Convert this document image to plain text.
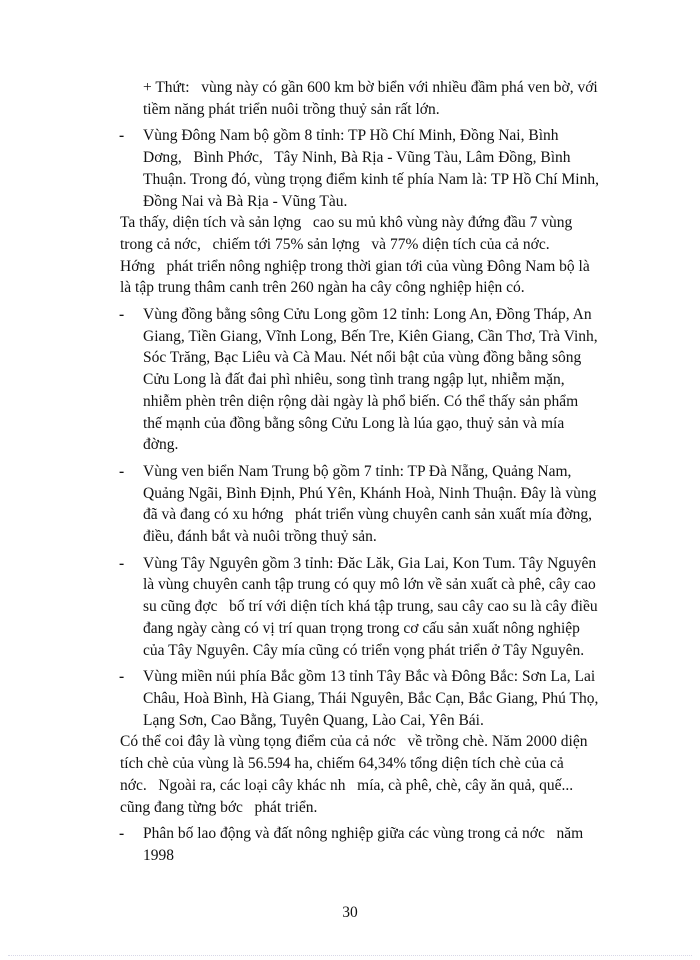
+ Thứt:   vùng này có gần 600 km bờ biển với nhiều đầm phá ven bờ, với
tiềm năng phát triển nuôi trồng thuỷ sản rất lớn.
- Vùng Đông Nam bộ gồm 8 tỉnh: TP Hồ Chí Minh, Đồng Nai, Bình
Dơng,   Bình Phớc,   Tây Ninh, Bà Rịa - Vũng Tàu, Lâm Đồng, Bình
Thuận. Trong đó, vùng trọng điểm kinh tế phía Nam là: TP Hồ Chí Minh,
Đồng Nai và Bà Rịa - Vũng Tàu.
Ta thấy, diện tích và sản lợng   cao su mủ khô vùng này đứng đầu 7 vùng
trong cả nớc,   chiếm tới 75% sản lợng   và 77% diện tích của cả nớc.
Hớng   phát triển nông nghiệp trong thời gian tới của vùng Đông Nam bộ là
là tập trung thâm canh trên 260 ngàn ha cây công nghiệp hiện có.
- Vùng đồng bằng sông Cửu Long gồm 12 tỉnh: Long An, Đồng Tháp, An
Giang, Tiền Giang, Vĩnh Long, Bến Tre, Kiên Giang, Cần Thơ, Trà Vinh,
Sóc Trăng, Bạc Liêu và Cà Mau. Nét nổi bật của vùng đồng bằng sông
Cửu Long là đất đai phì nhiêu, song tình trang ngập lụt, nhiễm mặn,
nhiễm phèn trên diện rộng dài ngày là phổ biến. Có thể thấy sản phẩm
thế mạnh của đồng bằng sông Cửu Long là lúa gạo, thuỷ sản và mía
đờng.
- Vùng ven biển Nam Trung bộ gồm 7 tỉnh: TP Đà Nẵng, Quảng Nam,
Quảng Ngãi, Bình Định, Phú Yên, Khánh Hoà, Ninh Thuận. Đây là vùng
đã và đang có xu hớng   phát triển vùng chuyên canh sản xuất mía đờng,
điều, đánh bắt và nuôi trồng thuỷ sản.
- Vùng Tây Nguyên gồm 3 tỉnh: Đăc Lăk, Gia Lai, Kon Tum. Tây Nguyên
là vùng chuyên canh tập trung có quy mô lớn về sản xuất cà phê, cây cao
su cũng đợc   bố trí với diện tích khá tập trung, sau cây cao su là cây điều
đang ngày càng có vị trí quan trọng trong cơ cấu sản xuất nông nghiệp
của Tây Nguyên. Cây mía cũng có triển vọng phát triển ở Tây Nguyên.
- Vùng miền núi phía Bắc gồm 13 tỉnh Tây Bắc và Đông Bắc: Sơn La, Lai
Châu, Hoà Bình, Hà Giang, Thái Nguyên, Bắc Cạn, Bắc Giang, Phú Thọ,
Lạng Sơn, Cao Bằng, Tuyên Quang, Lào Cai, Yên Bái.
Có thể coi đây là vùng tọng điểm của cả nớc   về trồng chè. Năm 2000 diện
tích chè của vùng là 56.594 ha, chiếm 64,34% tổng diện tích chè của cả
nớc.   Ngoài ra, các loại cây khác nh   mía, cà phê, chè, cây ăn quả, quế...
cũng đang từng bớc   phát triển.
- Phân bố lao động và đất nông nghiệp giữa các vùng trong cả nớc   năm
1998
30
